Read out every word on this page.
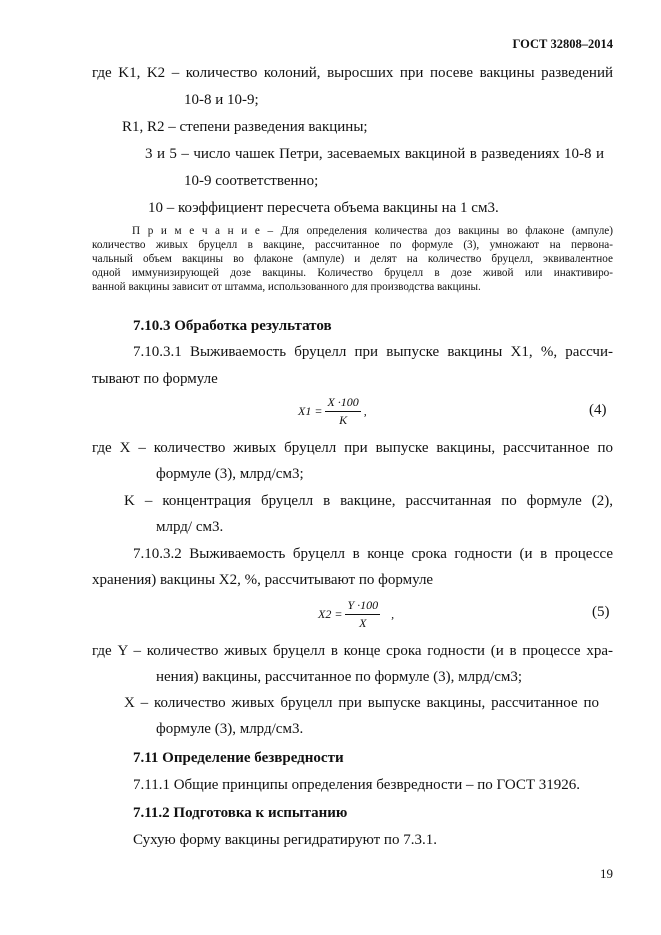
ГОСТ 32808–2014
где K1, K2 – количество колоний, выросших при посеве вакцины разведений
10-8 и 10-9;
R1, R2 – степени разведения вакцины;
3 и 5 – число чашек Петри, засеваемых вакциной в разведениях 10-8 и
10-9 соответственно;
10 – коэффициент пересчета объема вакцины на 1 см3.
П р и м е ч а н и е – Для определения количества доз вакцины во флаконе (ампуле)
количество живых бруцелл в вакцине, рассчитанное по формуле (3), умножают на первона-
чальный объем вакцины во флаконе (ампуле) и делят на количество бруцелл, эквивалентное
одной иммунизирующей дозе вакцины. Количество бруцелл в дозе живой или инактивиро-
ванной вакцины зависит от штамма, использованного для производства вакцины.
7.10.3 Обработка результатов
7.10.3.1 Выживаемость бруцелл при выпуске вакцины X1, %, рассчи-
тывают по формуле
$X1 = \frac{X \cdot 100}{K}$ ,	(4)
где X – количество живых бруцелл при выпуске вакцины, рассчитанное по
формуле (3), млрд/см3;
K – концентрация бруцелл в вакцине, рассчитанная по формуле (2),
млрд/ см3.
7.10.3.2 Выживаемость бруцелл в конце срока годности (и в процессе
хранения) вакцины X2, %, рассчитывают по формуле
$X2 = \frac{Y \cdot 100}{X}$ ,	(5)
где Y – количество живых бруцелл в конце срока годности (и в процессе хра-
нения) вакцины, рассчитанное по формуле (3), млрд/см3;
X – количество живых бруцелл при выпуске вакцины, рассчитанное по
формуле (3), млрд/см3.
7.11 Определение безвредности
7.11.1 Общие принципы определения безвредности – по ГОСТ 31926.
7.11.2 Подготовка к испытанию
Сухую форму вакцины регидратируют по 7.3.1.
19
